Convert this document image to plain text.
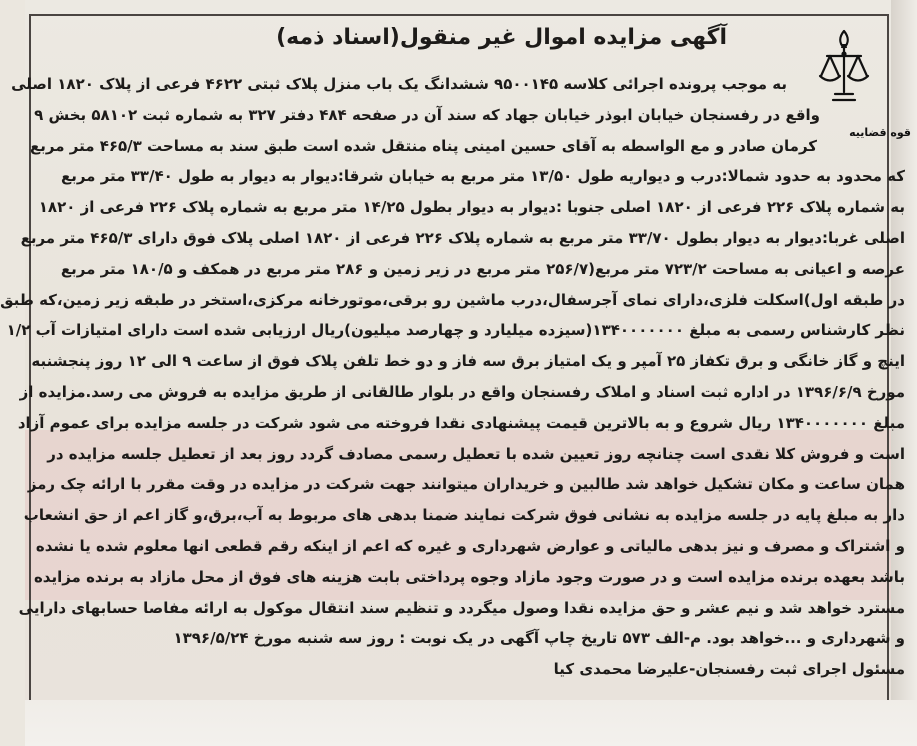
قوه قضاییه
آگهی مزایده اموال غیر منقول(اسناد ذمه)
به موجب پرونده اجرائی کلاسه ۹۵۰۰۱۴۵ ششدانگ یک باب منزل پلاک ثبتی ۴۶۲۲ فرعی از پلاک ۱۸۲۰ اصلی
واقع در رفسنجان خیابان ابوذر خیابان جهاد که سند آن در صفحه ۴۸۴ دفتر ۳۲۷ به شماره ثبت ۵۸۱۰۲ بخش ۹
کرمان صادر و مع الواسطه به آقای حسین امینی پناه منتقل شده است طبق سند به مساحت ۴۶۵/۳ متر مربع
که محدود به حدود شمالا:درب و دیواریه طول ۱۳/۵۰ متر مربع به خیابان شرقا:دیوار به دیوار به طول ۳۳/۴۰ متر مربع
به شماره پلاک ۲۲۶ فرعی از ۱۸۲۰ اصلی جنوبا :دیوار به دیوار بطول ۱۴/۲۵ متر مربع به شماره پلاک ۲۲۶ فرعی از ۱۸۲۰
اصلی غربا:دیوار به دیوار بطول ۳۳/۷۰ متر مربع به شماره پلاک ۲۲۶ فرعی از ۱۸۲۰ اصلی پلاک فوق دارای ۴۶۵/۳ متر مربع
عرصه و اعیانی به مساحت ۷۲۳/۲ متر مربع(۲۵۶/۷ متر مربع در زیر زمین و ۲۸۶ متر مربع در همکف و ۱۸۰/۵ متر مربع
در طبقه اول)اسکلت فلزی،دارای نمای آجرسفال،درب ماشین رو برقی،موتورخانه مرکزی،استخر در طبقه زیر زمین،که طبق
نظر کارشناس رسمی به مبلغ ۱۳۴۰۰۰۰۰۰۰(سیزده میلیارد و چهارصد میلیون)ریال ارزیابی شده است دارای امتیازات آب ۱/۲
اینچ و گاز خانگی و برق تکفاز ۲۵ آمپر و یک امتیاز برق سه فاز و دو خط تلفن پلاک فوق از ساعت ۹ الی ۱۲ روز پنجشنبه
مورخ ۱۳۹۶/۶/۹ در اداره ثبت اسناد و املاک رفسنجان واقع در بلوار طالقانی از طریق مزایده به فروش می رسد.مزایده از
مبلغ ۱۳۴۰۰۰۰۰۰۰ ریال شروع و به بالاترین قیمت پیشنهادی نقدا فروخته می شود شرکت در جلسه مزایده برای عموم آزاد
است و فروش کلا نقدی است چنانچه روز تعیین شده با تعطیل رسمی مصادف گردد روز بعد از تعطیل جلسه مزایده در
همان ساعت و مکان تشکیل خواهد شد طالبین و خریداران میتوانند جهت شرکت در مزایده در وقت مقرر با ارائه چک رمز
دار به مبلغ پایه در جلسه مزایده به نشانی فوق شرکت نمایند ضمنا بدهی های مربوط به آب،برق،و گاز اعم از حق انشعاب
و اشتراک و مصرف و نیز بدهی مالیاتی و عوارض شهرداری و غیره که اعم از اینکه رقم قطعی انها معلوم شده یا نشده
باشد بعهده برنده مزایده است و در صورت وجود مازاد وجوه پرداختی بابت هزینه های فوق از محل مازاد به برنده مزایده
مسترد خواهد شد و نیم عشر و حق مزایده نقدا وصول میگردد و تنظیم سند انتقال موکول به ارائه مفاصا حسابهای دارایی
و شهرداری و ...خواهد بود. م-الف ۵۷۳ تاریخ چاپ آگهی در یک نوبت : روز سه شنبه مورخ ۱۳۹۶/۵/۲۴
مسئول اجرای ثبت رفسنجان-علیرضا محمدی کیا
